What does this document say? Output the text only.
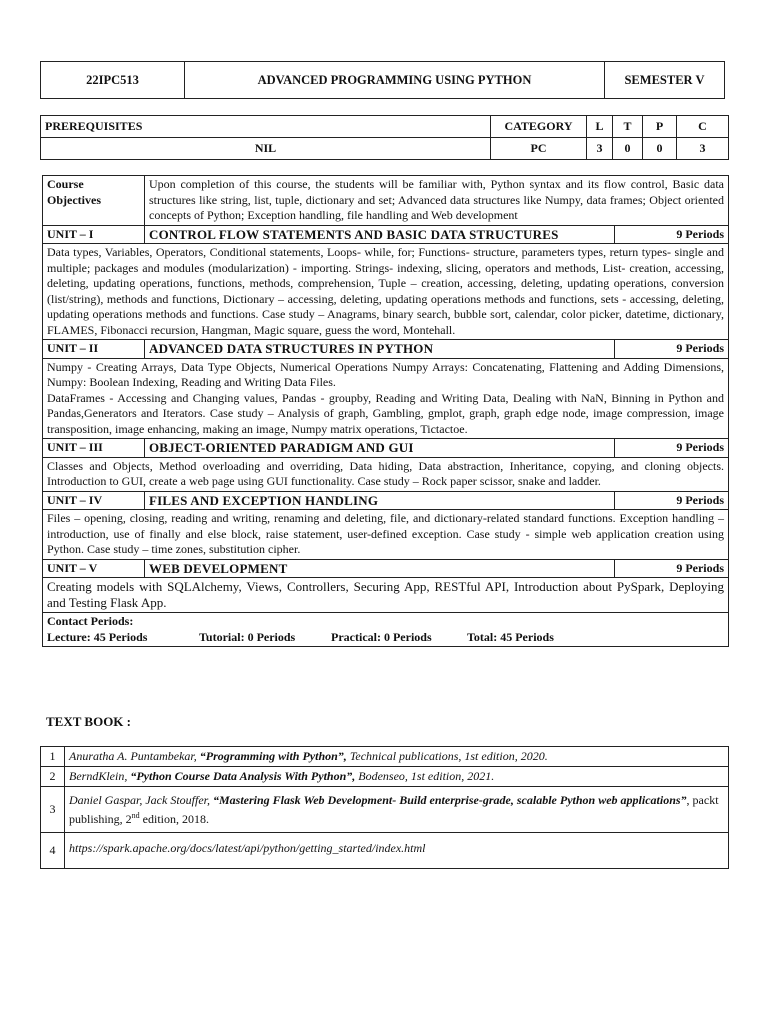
22IPC513	ADVANCED PROGRAMMING USING PYTHON	SEMESTER V
PREREQUISITES	CATEGORY	L	T	P	C
NIL	PC	3	0	0	3
Course Objectives	Upon completion of this course, the students will be familiar with, Python syntax and its flow control, Basic data structures like string, list, tuple, dictionary and set; Advanced data structures like Numpy, data frames; Object oriented concepts of Python; Exception handling, file handling and Web development	
UNIT – I	CONTROL FLOW STATEMENTS AND BASIC DATA STRUCTURES	9 Periods
Data types, Variables, Operators, Conditional statements, Loops- while, for; Functions- structure, parameters types, return types- single and multiple; packages and modules (modularization) - importing. Strings- indexing, slicing, operators and methods, List- creation, accessing, deleting, updating operations, functions, methods, comprehension, Tuple – creation, accessing, deleting, updating operations, conversion (list/string), methods and functions, Dictionary – accessing, deleting, updating operations methods and functions, sets - accessing, deleting, updating operations methods and functions. Case study – Anagrams, binary search, bubble sort, calendar, color picker, datetime, dictionary, FLAMES, Fibonacci recursion, Hangman, Magic square, guess the word, Montehall.		
UNIT – II	ADVANCED DATA STRUCTURES IN PYTHON	9 Periods

Numpy - Creating Arrays, Data Type Objects, Numerical Operations Numpy Arrays: Concatenating, Flattening and Adding Dimensions, Numpy: Boolean Indexing, Reading and Writing Data Files.
DataFrames - Accessing and Changing values, Pandas - groupby, Reading and Writing Data, Dealing with NaN, Binning in Python and Pandas,Generators and Iterators. Case study – Analysis of graph, Gambling, gmplot, graph, graph edge node, image compression, image transposition, image enhancing, making an image, Numpy matrix operations, Tictactoe.		

UNIT – III	OBJECT-ORIENTED PARADIGM AND GUI	9 Periods
Classes and Objects, Method overloading and overriding, Data hiding, Data abstraction, Inheritance, copying, and cloning objects. Introduction to GUI, create a web page using GUI functionality. Case study – Rock paper scissor, snake and ladder.		
UNIT – IV	FILES AND EXCEPTION HANDLING	9 Periods
Files – opening, closing, reading and writing, renaming and deleting, file, and dictionary-related standard functions. Exception handling – introduction, use of finally and else block, raise statement, user-defined exception. Case study - simple web application creation using Python. Case study – time zones, substitution cipher.		
UNIT – V	WEB DEVELOPMENT	9 Periods
Creating models with SQLAlchemy, Views, Controllers, Securing App, RESTful API, Introduction about PySpark, Deploying and Testing Flask App.		

Contact Periods:
Lecture: 45 Periods Tutorial: 0 Periods Practical: 0 Periods Total: 45 Periods		
TEXT BOOK :
1	Anuratha A. Puntambekar, “Programming with Python”, Technical publications, 1st edition, 2020.
2	BerndKlein, “Python Course Data Analysis With Python”, Bodenseo, 1st edition, 2021.
3	Daniel Gaspar, Jack Stouffer, “Mastering Flask Web Development- Build enterprise-grade, scalable Python web applications”, packt publishing, 2nd edition, 2018.
4	https://spark.apache.org/docs/latest/api/python/getting_started/index.html
